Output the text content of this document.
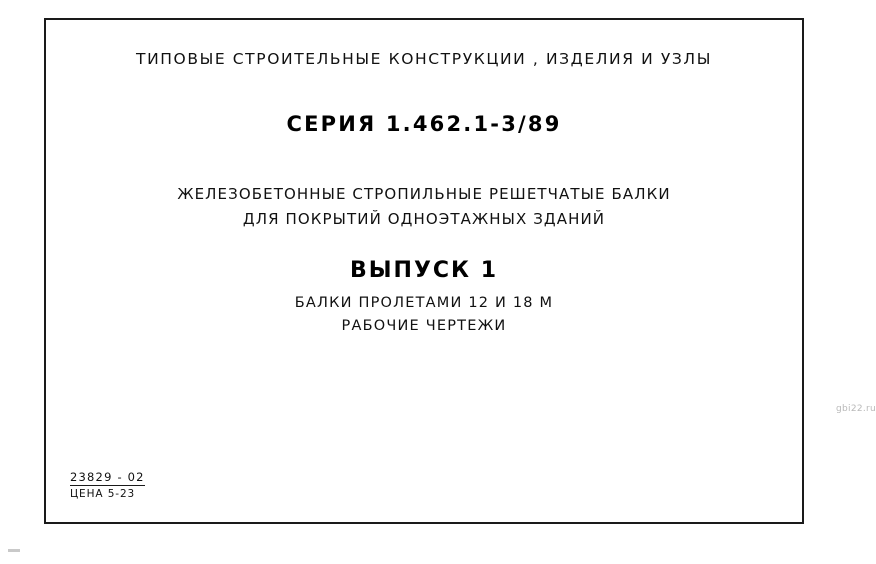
ТИПОВЫЕ СТРОИТЕЛЬНЫЕ КОНСТРУКЦИИ , ИЗДЕЛИЯ И УЗЛЫ
СЕРИЯ 1.462.1-3/89
ЖЕЛЕЗОБЕТОННЫЕ СТРОПИЛЬНЫЕ РЕШЕТЧАТЫЕ БАЛКИ
ДЛЯ ПОКРЫТИЙ ОДНОЭТАЖНЫХ ЗДАНИЙ
ВЫПУСК 1
БАЛКИ ПРОЛЕТАМИ 12 И 18 М
РАБОЧИЕ ЧЕРТЕЖИ
23829 - 02
ЦЕНА 5-23
gbi22.ru
